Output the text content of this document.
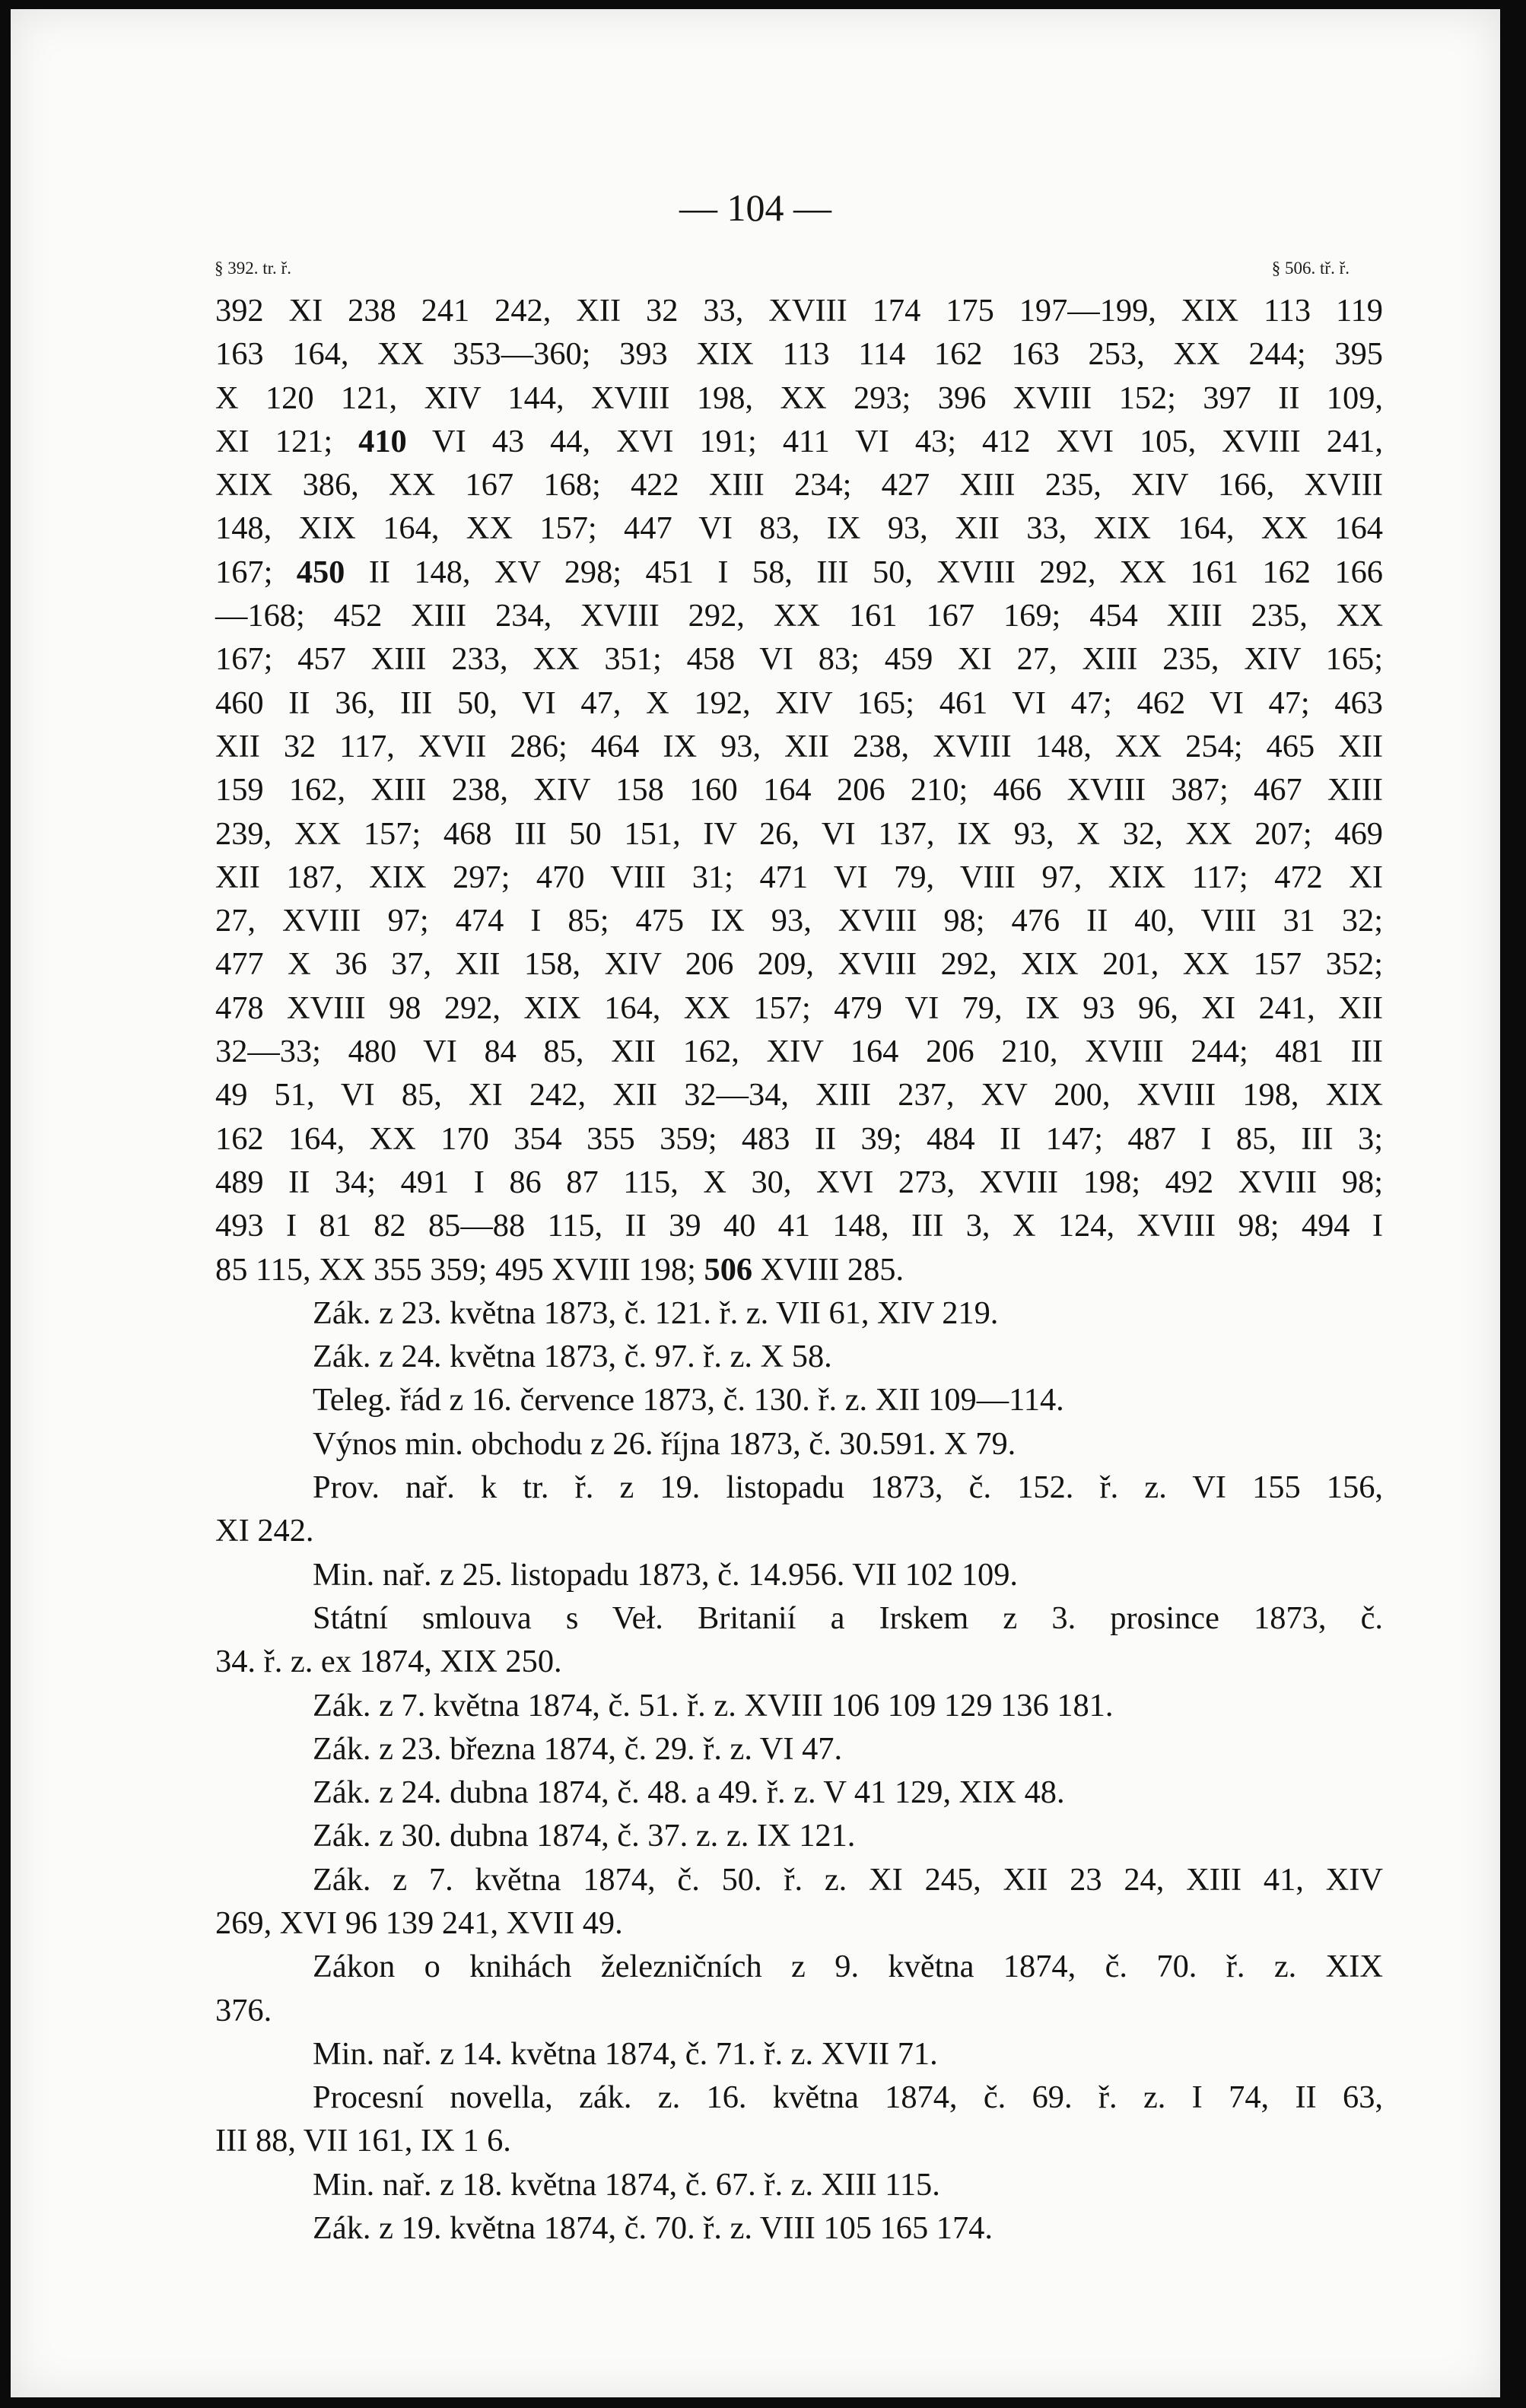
— 104 —
§ 392. tr. ř.	§ 506. tř. ř.
392 XI 238 241 242, XII 32 33, XVIII 174 175 197—199, XIX 113 119
163 164, XX 353—360; 393 XIX 113 114 162 163 253, XX 244; 395
X 120 121, XIV 144, XVIII 198, XX 293; 396 XVIII 152; 397 II 109,
XI 121; 410 VI 43 44, XVI 191; 411 VI 43; 412 XVI 105, XVIII 241,
XIX 386, XX 167 168; 422 XIII 234; 427 XIII 235, XIV 166, XVIII
148, XIX 164, XX 157; 447 VI 83, IX 93, XII 33, XIX 164, XX 164
167; 450 II 148, XV 298; 451 I 58, III 50, XVIII 292, XX 161 162 166
—168; 452 XIII 234, XVIII 292, XX 161 167 169; 454 XIII 235, XX
167; 457 XIII 233, XX 351; 458 VI 83; 459 XI 27, XIII 235, XIV 165;
460 II 36, III 50, VI 47, X 192, XIV 165; 461 VI 47; 462 VI 47; 463
XII 32 117, XVII 286; 464 IX 93, XII 238, XVIII 148, XX 254; 465 XII
159 162, XIII 238, XIV 158 160 164 206 210; 466 XVIII 387; 467 XIII
239, XX 157; 468 III 50 151, IV 26, VI 137, IX 93, X 32, XX 207; 469
XII 187, XIX 297; 470 VIII 31; 471 VI 79, VIII 97, XIX 117; 472 XI
27, XVIII 97; 474 I 85; 475 IX 93, XVIII 98; 476 II 40, VIII 31 32;
477 X 36 37, XII 158, XIV 206 209, XVIII 292, XIX 201, XX 157 352;
478 XVIII 98 292, XIX 164, XX 157; 479 VI 79, IX 93 96, XI 241, XII
32—33; 480 VI 84 85, XII 162, XIV 164 206 210, XVIII 244; 481 III
49 51, VI 85, XI 242, XII 32—34, XIII 237, XV 200, XVIII 198, XIX
162 164, XX 170 354 355 359; 483 II 39; 484 II 147; 487 I 85, III 3;
489 II 34; 491 I 86 87 115, X 30, XVI 273, XVIII 198; 492 XVIII 98;
493 I 81 82 85—88 115, II 39 40 41 148, III 3, X 124, XVIII 98; 494 I
85 115, XX 355 359; 495 XVIII 198; 506 XVIII 285.
Zák. z 23. května 1873, č. 121. ř. z. VII 61, XIV 219.
Zák. z 24. května 1873, č. 97. ř. z. X 58.
Teleg. řád z 16. července 1873, č. 130. ř. z. XII 109—114.
Výnos min. obchodu z 26. října 1873, č. 30.591. X 79.
Prov. nař. k tr. ř. z 19. listopadu 1873, č. 152. ř. z. VI 155 156,
XI 242.
Min. nař. z 25. listopadu 1873, č. 14.956. VII 102 109.
Státní smlouva s Veł. Britanií a Irskem z 3. prosince 1873, č.
34. ř. z. ex 1874, XIX 250.
Zák. z 7. května 1874, č. 51. ř. z. XVIII 106 109 129 136 181.
Zák. z 23. března 1874, č. 29. ř. z. VI 47.
Zák. z 24. dubna 1874, č. 48. a 49. ř. z. V 41 129, XIX 48.
Zák. z 30. dubna 1874, č. 37. z. z. IX 121.
Zák. z 7. května 1874, č. 50. ř. z. XI 245, XII 23 24, XIII 41, XIV
269, XVI 96 139 241, XVII 49.
Zákon o knihách železničních z 9. května 1874, č. 70. ř. z. XIX
376.
Min. nař. z 14. května 1874, č. 71. ř. z. XVII 71.
Procesní novella, zák. z. 16. května 1874, č. 69. ř. z. I 74, II 63,
III 88, VII 161, IX 1 6.
Min. nař. z 18. května 1874, č. 67. ř. z. XIII 115.
Zák. z 19. května 1874, č. 70. ř. z. VIII 105 165 174.
